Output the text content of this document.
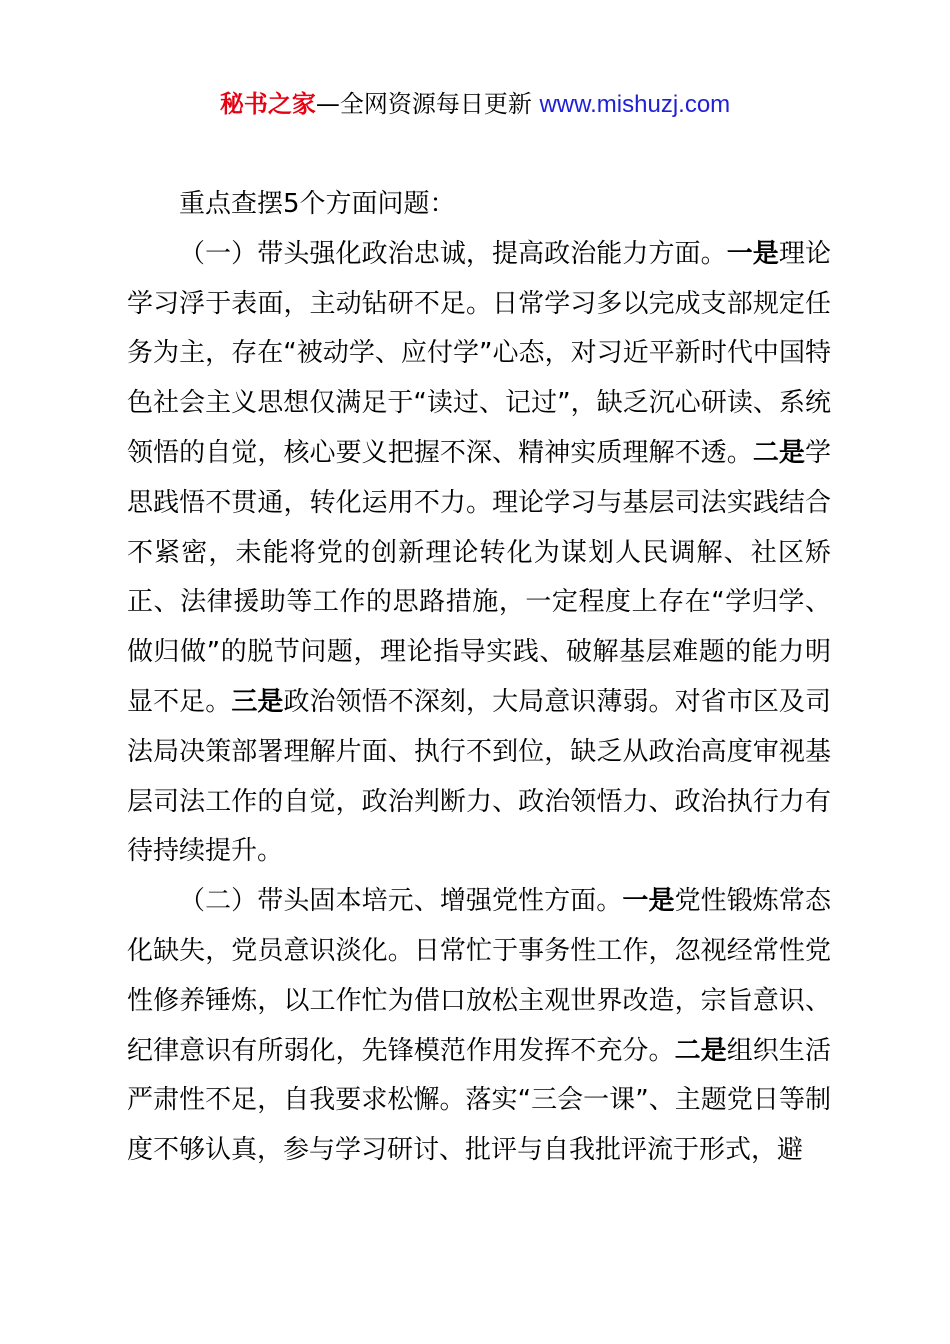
秘书之家—全网资源每日更新 www.mishuzj.com

重点查摆5个方面问题：

（一）带头强化政治忠诚，提高政治能力方面。一是理论学习浮于表面，主动钻研不足。日常学习多以完成支部规定任务为主，存在“被动学、应付学”心态，对习近平新时代中国特色社会主义思想仅满足于“读过、记过”，缺乏沉心研读、系统领悟的自觉，核心要义把握不深、精神实质理解不透。二是学思践悟不贯通，转化运用不力。理论学习与基层司法实践结合不紧密，未能将党的创新理论转化为谋划人民调解、社区矫正、法律援助等工作的思路措施，一定程度上存在“学归学、做归做”的脱节问题，理论指导实践、破解基层难题的能力明显不足。三是政治领悟不深刻，大局意识薄弱。对省市区及司法局决策部署理解片面、执行不到位，缺乏从政治高度审视基层司法工作的自觉，政治判断力、政治领悟力、政治执行力有待持续提升。

（二）带头固本培元、增强党性方面。一是党性锻炼常态化缺失，党员意识淡化。日常忙于事务性工作，忽视经常性党性修养锤炼，以工作忙为借口放松主观世界改造，宗旨意识、纪律意识有所弱化，先锋模范作用发挥不充分。二是组织生活严肃性不足，自我要求松懈。落实“三会一课”、主题党日等制度不够认真，参与学习研讨、批评与自我批评流于形式，避
